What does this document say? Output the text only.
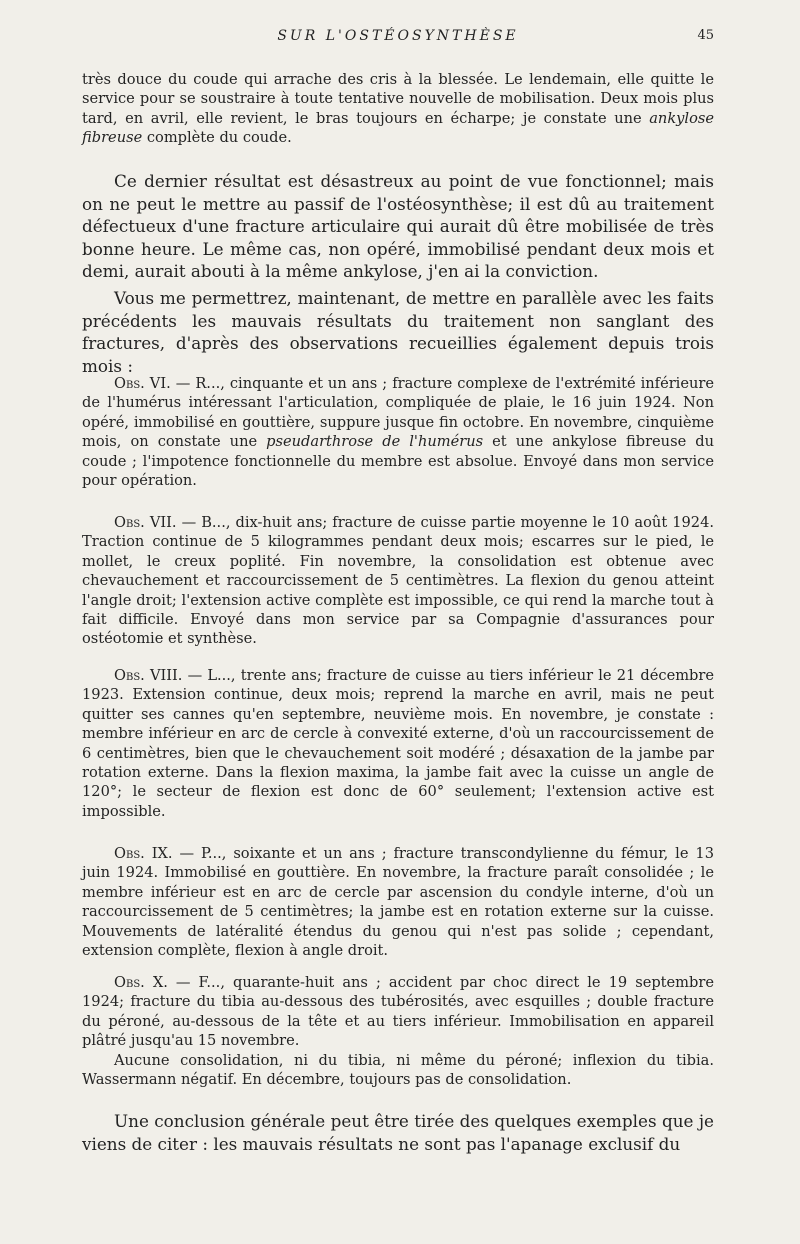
SUR L'OSTÉOSYNTHÈSE	45

très douce du coude qui arrache des cris à la blessée. Le lendemain, elle quitte le service pour se soustraire à toute tentative nouvelle de mobilisation. Deux mois plus tard, en avril, elle revient, le bras toujours en écharpe; je constate une ankylose fibreuse complète du coude.

Ce dernier résultat est désastreux au point de vue fonctionnel; mais on ne peut le mettre au passif de l'ostéosynthèse; il est dû au traitement défectueux d'une fracture articulaire qui aurait dû être mobilisée de très bonne heure. Le même cas, non opéré, immobilisé pendant deux mois et demi, aurait abouti à la même ankylose, j'en ai la conviction.

Vous me permettrez, maintenant, de mettre en parallèle avec les faits précédents les mauvais résultats du traitement non sanglant des fractures, d'après des observations recueillies également depuis trois mois :

Obs. VI. — R..., cinquante et un ans ; fracture complexe de l'extrémité inférieure de l'humérus intéressant l'articulation, compliquée de plaie, le 16 juin 1924. Non opéré, immobilisé en gouttière, suppure jusque fin octobre. En novembre, cinquième mois, on constate une pseudarthrose de l'humérus et une ankylose fibreuse du coude ; l'impotence fonctionnelle du membre est absolue. Envoyé dans mon service pour opération.

Obs. VII. — B..., dix-huit ans; fracture de cuisse partie moyenne le 10 août 1924. Traction continue de 5 kilogrammes pendant deux mois; escarres sur le pied, le mollet, le creux poplité. Fin novembre, la consolidation est obtenue avec chevauchement et raccourcissement de 5 centimètres. La flexion du genou atteint l'angle droit; l'extension active complète est impossible, ce qui rend la marche tout à fait difficile. Envoyé dans mon service par sa Compagnie d'assurances pour ostéotomie et synthèse.

Obs. VIII. — L..., trente ans; fracture de cuisse au tiers inférieur le 21 décembre 1923. Extension continue, deux mois; reprend la marche en avril, mais ne peut quitter ses cannes qu'en septembre, neuvième mois. En novembre, je constate : membre inférieur en arc de cercle à convexité externe, d'où un raccourcissement de 6 centimètres, bien que le chevauchement soit modéré ; désaxation de la jambe par rotation externe. Dans la flexion maxima, la jambe fait avec la cuisse un angle de 120°; le secteur de flexion est donc de 60° seulement; l'extension active est impossible.

Obs. IX. — P..., soixante et un ans ; fracture transcondylienne du fémur, le 13 juin 1924. Immobilisé en gouttière. En novembre, la fracture paraît consolidée ; le membre inférieur est en arc de cercle par ascension du condyle interne, d'où un raccourcissement de 5 centimètres; la jambe est en rotation externe sur la cuisse. Mouvements de latéralité étendus du genou qui n'est pas solide ; cependant, extension complète, flexion à angle droit.

Obs. X. — F..., quarante-huit ans ; accident par choc direct le 19 septembre 1924; fracture du tibia au-dessous des tubérosités, avec esquilles ; double fracture du péroné, au-dessous de la tête et au tiers inférieur. Immobilisation en appareil plâtré jusqu'au 15 novembre.

Aucune consolidation, ni du tibia, ni même du péroné; inflexion du tibia. Wassermann négatif. En décembre, toujours pas de consolidation.

Une conclusion générale peut être tirée des quelques exemples que je viens de citer : les mauvais résultats ne sont pas l'apanage exclusif du
